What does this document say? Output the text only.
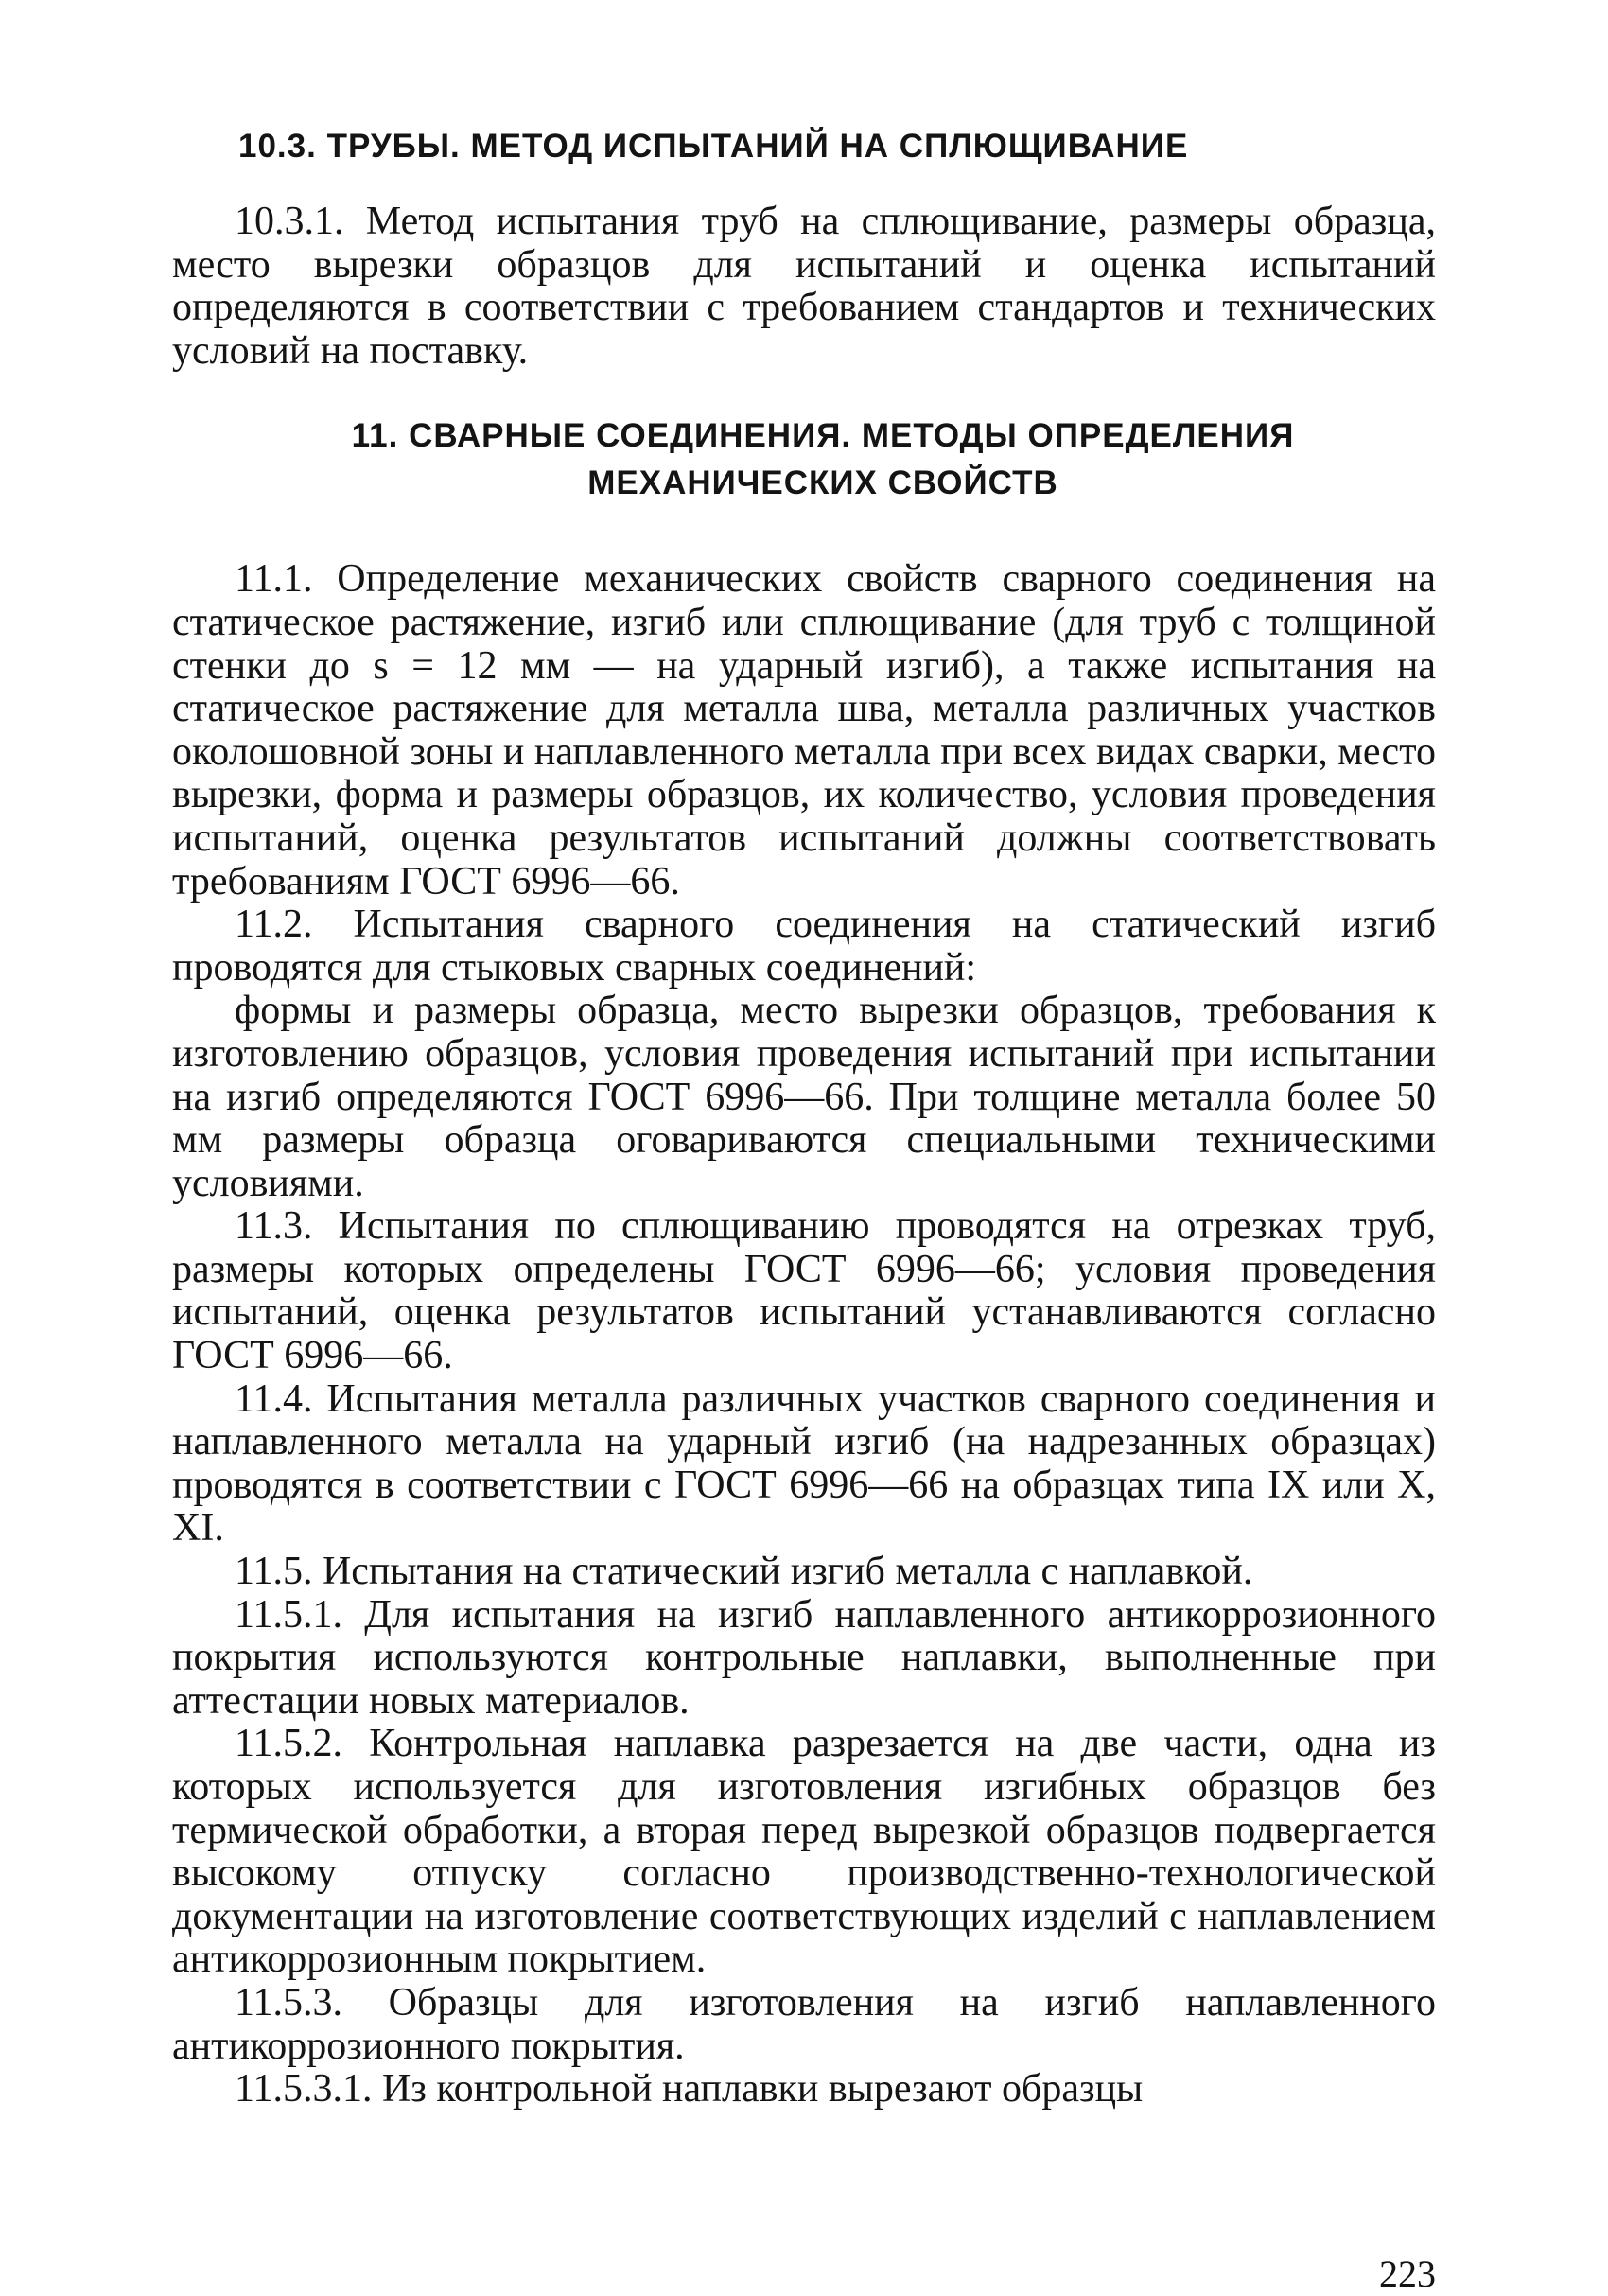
10.3. ТРУБЫ. МЕТОД ИСПЫТАНИЙ НА СПЛЮЩИВАНИЕ

10.3.1. Метод испытания труб на сплющивание, размеры образца, место вырезки образцов для испытаний и оценка испытаний определяются в соответствии с требованием стандартов и технических условий на поставку.

11. СВАРНЫЕ СОЕДИНЕНИЯ. МЕТОДЫ ОПРЕДЕЛЕНИЯ
МЕХАНИЧЕСКИХ СВОЙСТВ

11.1. Определение механических свойств сварного соединения на статическое растяжение, изгиб или сплющивание (для труб с толщиной стенки до s = 12 мм — на ударный изгиб), а также испытания на статическое растяжение для металла шва, металла различных участков околошовной зоны и наплавленного металла при всех видах сварки, место вырезки, форма и размеры образцов, их количество, условия проведения испытаний, оценка результатов испытаний должны соответствовать требованиям ГОСТ 6996—66.

11.2. Испытания сварного соединения на статический изгиб проводятся для стыковых сварных соединений:

формы и размеры образца, место вырезки образцов, требования к изготовлению образцов, условия проведения испытаний при испытании на изгиб определяются ГОСТ 6996—66. При толщине металла более 50 мм размеры образца оговариваются специальными техническими условиями.

11.3. Испытания по сплющиванию проводятся на отрезках труб, размеры которых определены ГОСТ 6996—66; условия проведения испытаний, оценка результатов испытаний устанавливаются согласно ГОСТ 6996—66.

11.4. Испытания металла различных участков сварного соединения и наплавленного металла на ударный изгиб (на надрезанных образцах) проводятся в соответствии с ГОСТ 6996—66 на образцах типа IX или X, XI.

11.5. Испытания на статический изгиб металла с наплавкой.

11.5.1. Для испытания на изгиб наплавленного антикоррозионного покрытия используются контрольные наплавки, выполненные при аттестации новых материалов.

11.5.2. Контрольная наплавка разрезается на две части, одна из которых используется для изготовления изгибных образцов без термической обработки, а вторая перед вырезкой образцов подвергается высокому отпуску согласно производственно-технологической документации на изготовление соответствующих изделий с наплавлением антикоррозионным покрытием.

11.5.3. Образцы для изготовления на изгиб наплавленного антикоррозионного покрытия.

11.5.3.1. Из контрольной наплавки вырезают образцы

223
